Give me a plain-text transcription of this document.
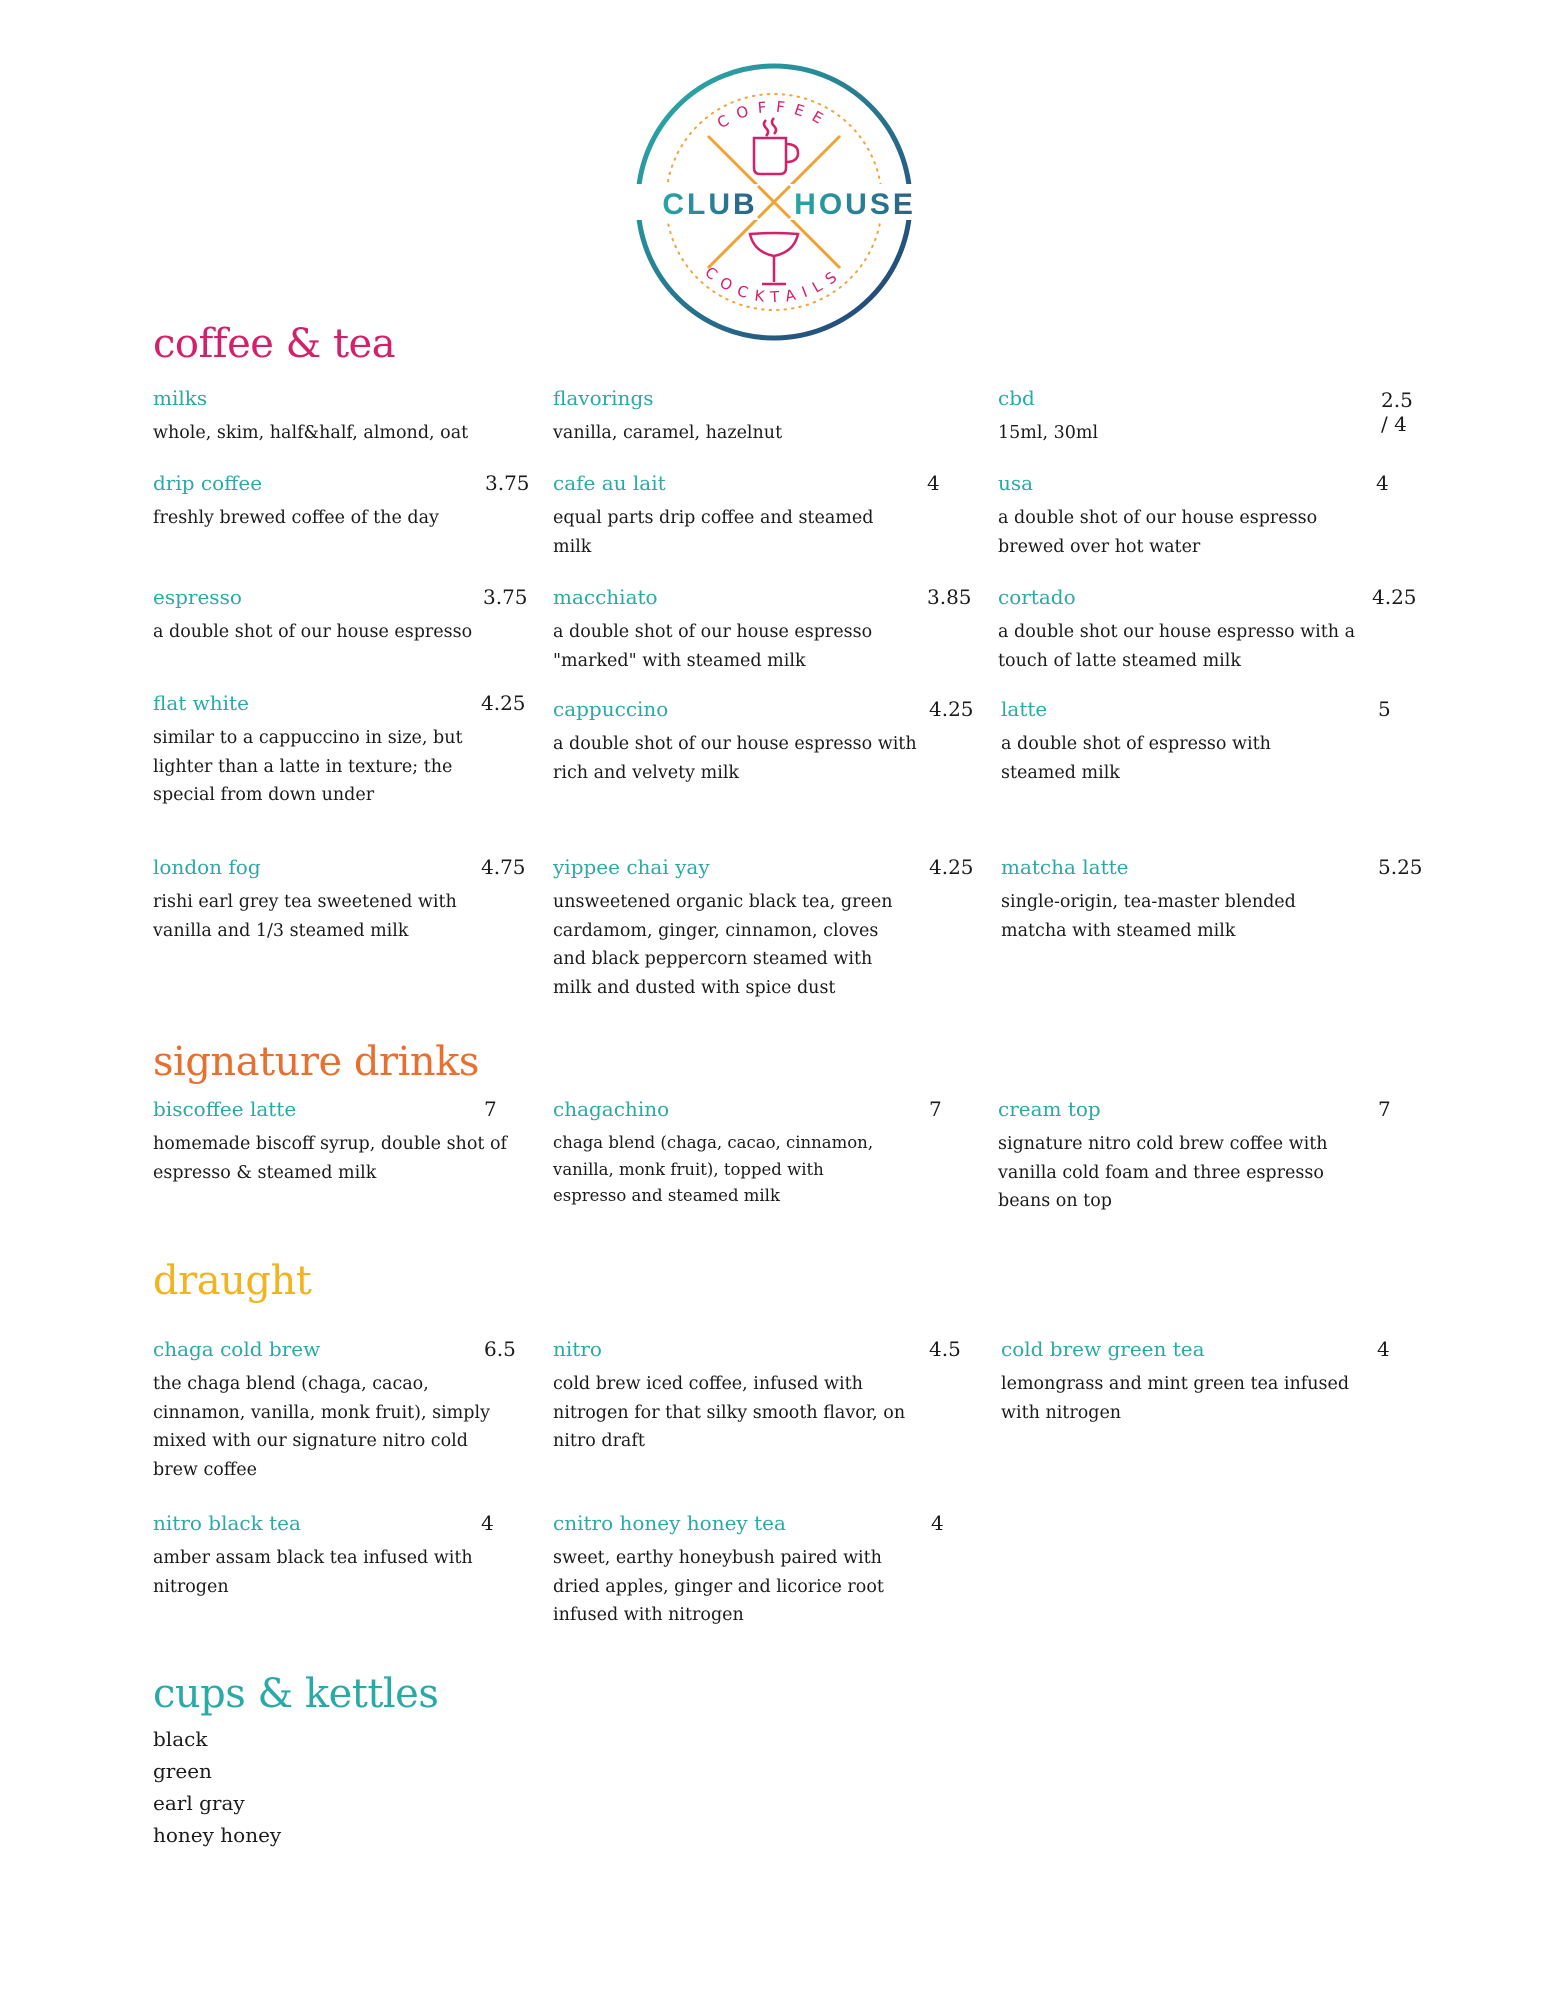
COFFEE
COCKTAILS
CLUB HOUSE
coffee & tea
milks
whole, skim, half&half, almond, oat
flavorings
vanilla, caramel, hazelnut
cbd	2.5 / 4
15ml, 30ml
drip coffee	3.75
freshly brewed coffee of the day
cafe au lait	4
equal parts drip coffee and steamed milk
usa	4
a double shot of our house espresso brewed over hot water
espresso	3.75
a double shot of our house espresso
macchiato	3.85
a double shot of our house espresso "marked" with steamed milk
cortado	4.25
a double shot our house espresso with a touch of latte steamed milk
flat white	4.25
similar to a cappuccino in size, but lighter than a latte in texture; the special from down under
cappuccino	4.25
a double shot of our house espresso with rich and velvety milk
latte	5
a double shot of espresso with steamed milk
london fog	4.75
rishi earl grey tea sweetened with vanilla and 1/3 steamed milk
yippee chai yay	4.25
unsweetened organic black tea, green cardamom, ginger, cinnamon, cloves and black peppercorn steamed with milk and dusted with spice dust
matcha latte	5.25
single-origin, tea-master blended matcha with steamed milk
signature drinks
biscoffee latte	7
homemade biscoff syrup, double shot of espresso & steamed milk
chagachino	7
chaga blend (chaga, cacao, cinnamon, vanilla, monk fruit), topped with espresso and steamed milk
cream top	7
signature nitro cold brew coffee with vanilla cold foam and three espresso beans on top
draught
chaga cold brew	6.5
the chaga blend (chaga, cacao, cinnamon, vanilla, monk fruit), simply mixed with our signature nitro cold brew coffee
nitro	4.5
cold brew iced coffee, infused with nitrogen for that silky smooth flavor, on nitro draft
cold brew green tea	4
lemongrass and mint green tea infused with nitrogen
nitro black tea	4
amber assam black tea infused with nitrogen
cnitro honey honey tea	4
sweet, earthy honeybush paired with dried apples, ginger and licorice root infused with nitrogen
cups & kettles
black
green
earl gray
honey honey
